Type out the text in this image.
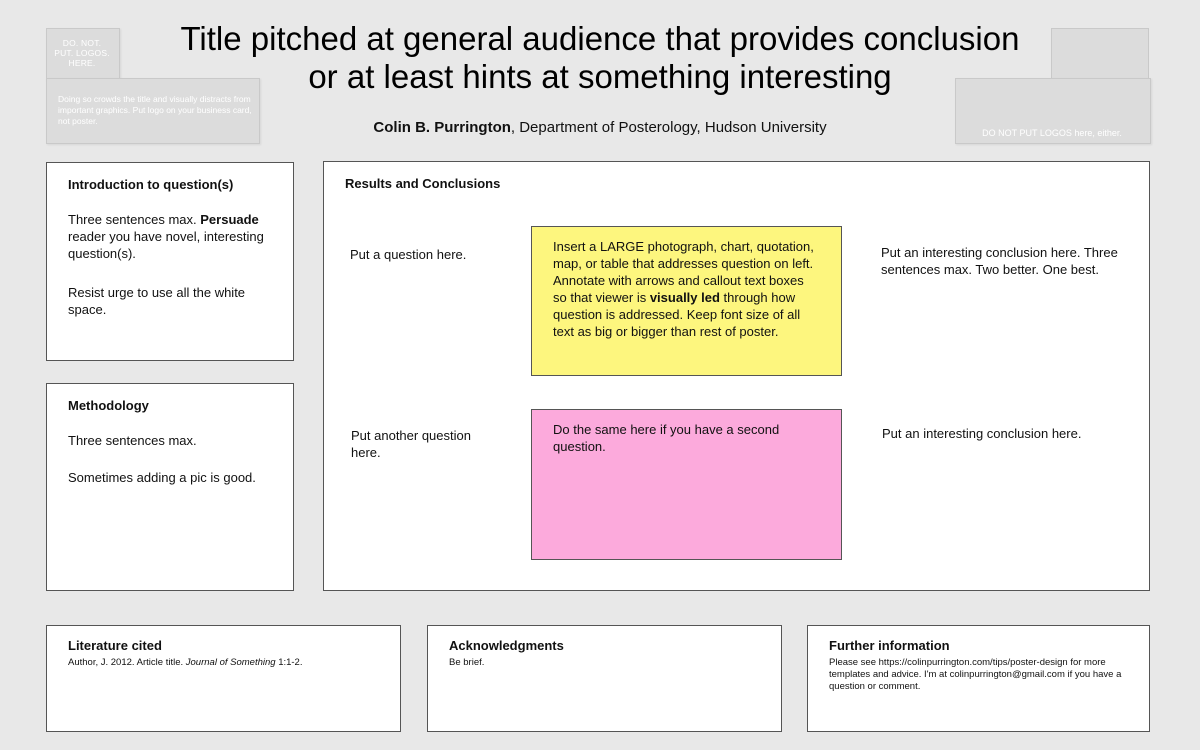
DO. NOT. PUT. LOGOS. HERE.
Doing so crowds the title and visually distracts from important graphics. Put logo on your business card, not poster.
DO NOT PUT LOGOS here, either.
Title pitched at general audience that provides conclusion
or at least hints at something interesting
Colin B. Purrington, Department of Posterology, Hudson University
Introduction to question(s)

Three sentences max. Persuade reader you have novel, interesting question(s).

Resist urge to use all the white space.

Methodology

Three sentences max.

Sometimes adding a pic is good.

Results and Conclusions

Put a question here.

Insert a LARGE photograph, chart, quotation, map, or table that addresses question on left. Annotate with arrows and callout text boxes so that viewer is visually led through how question is addressed. Keep font size of all text as big or bigger than rest of poster.

Put an interesting conclusion here. Three sentences max. Two better. One best.

Put another question here.

Do the same here if you have a second question.

Put an interesting conclusion here.

Literature cited

Author, J. 2012. Article title. Journal of Something 1:1-2.

Acknowledgments

Be brief.

Further information

Please see https://colinpurrington.com/tips/poster-design for more templates and advice. I'm at colinpurrington@gmail.com if you have a question or comment.
